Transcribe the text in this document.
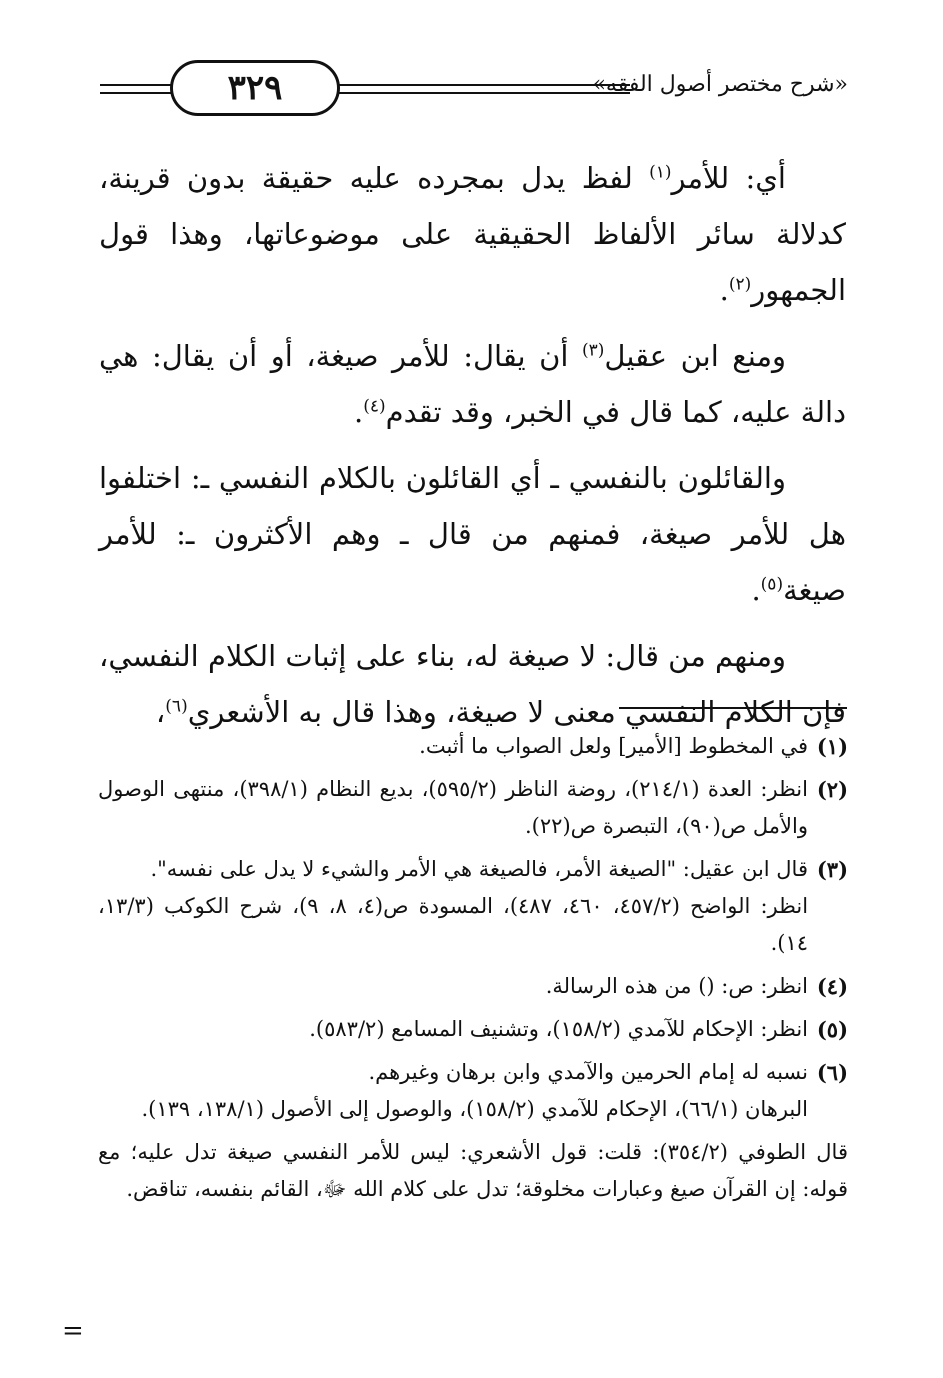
«شرح مختصر أصول الفقه»
٣٢٩

أي: للأمر$^{(١)}$ لفظ يدل بمجرده عليه حقيقة بدون قرينة، كدلالة سائر الألفاظ الحقيقية على موضوعاتها، وهذا قول الجمهور$^{(٢)}$.

ومنع ابن عقيل$^{(٣)}$ أن يقال: للأمر صيغة، أو أن يقال: هي دالة عليه، كما قال في الخبر، وقد تقدم$^{(٤)}$.

والقائلون بالنفسي ـ أي القائلون بالكلام النفسي ـ: اختلفوا هل للأمر صيغة، فمنهم من قال ـ وهم الأكثرون ـ: للأمر صيغة$^{(٥)}$.

ومنهم من قال: لا صيغة له، بناء على إثبات الكلام النفسي، فإن الكلام النفسي معنى لا صيغة، وهذا قال به الأشعري$^{(٦)}$،

(١)

في المخطوط [الأمير] ولعل الصواب ما أثبت.

(٢)

انظر: العدة (٢١٤/١)، روضة الناظر (٥٩٥/٢)، بديع النظام (٣٩٨/١)، منتهى الوصول والأمل ص(٩٠)، التبصرة ص(٢٢).

(٣)

قال ابن عقيل: "الصيغة الأمر، فالصيغة هي الأمر والشيء لا يدل على نفسه".

انظر: الواضح (٤٥٧/٢، ٤٦٠، ٤٨٧)، المسودة ص(٤، ٨، ٩)، شرح الكوكب (١٣/٣، ١٤).

(٤)

انظر: ص: () من هذه الرسالة.

(٥)

انظر: الإحكام للآمدي (١٥٨/٢)، وتشنيف المسامع (٥٨٣/٢).

(٦)

نسبه له إمام الحرمين والآمدي وابن برهان وغيرهم.

البرهان (٦٦/١)، الإحكام للآمدي (١٥٨/٢)، والوصول إلى الأصول (١٣٨/١، ١٣٩).

قال الطوفي (٣٥٤/٢): قلت: قول الأشعري: ليس للأمر النفسي صيغة تدل عليه؛ مع قوله: إن القرآن صيغ وعبارات مخلوقة؛ تدل على كلام الله ﷻ، القائم بنفسه، تناقض.

=
